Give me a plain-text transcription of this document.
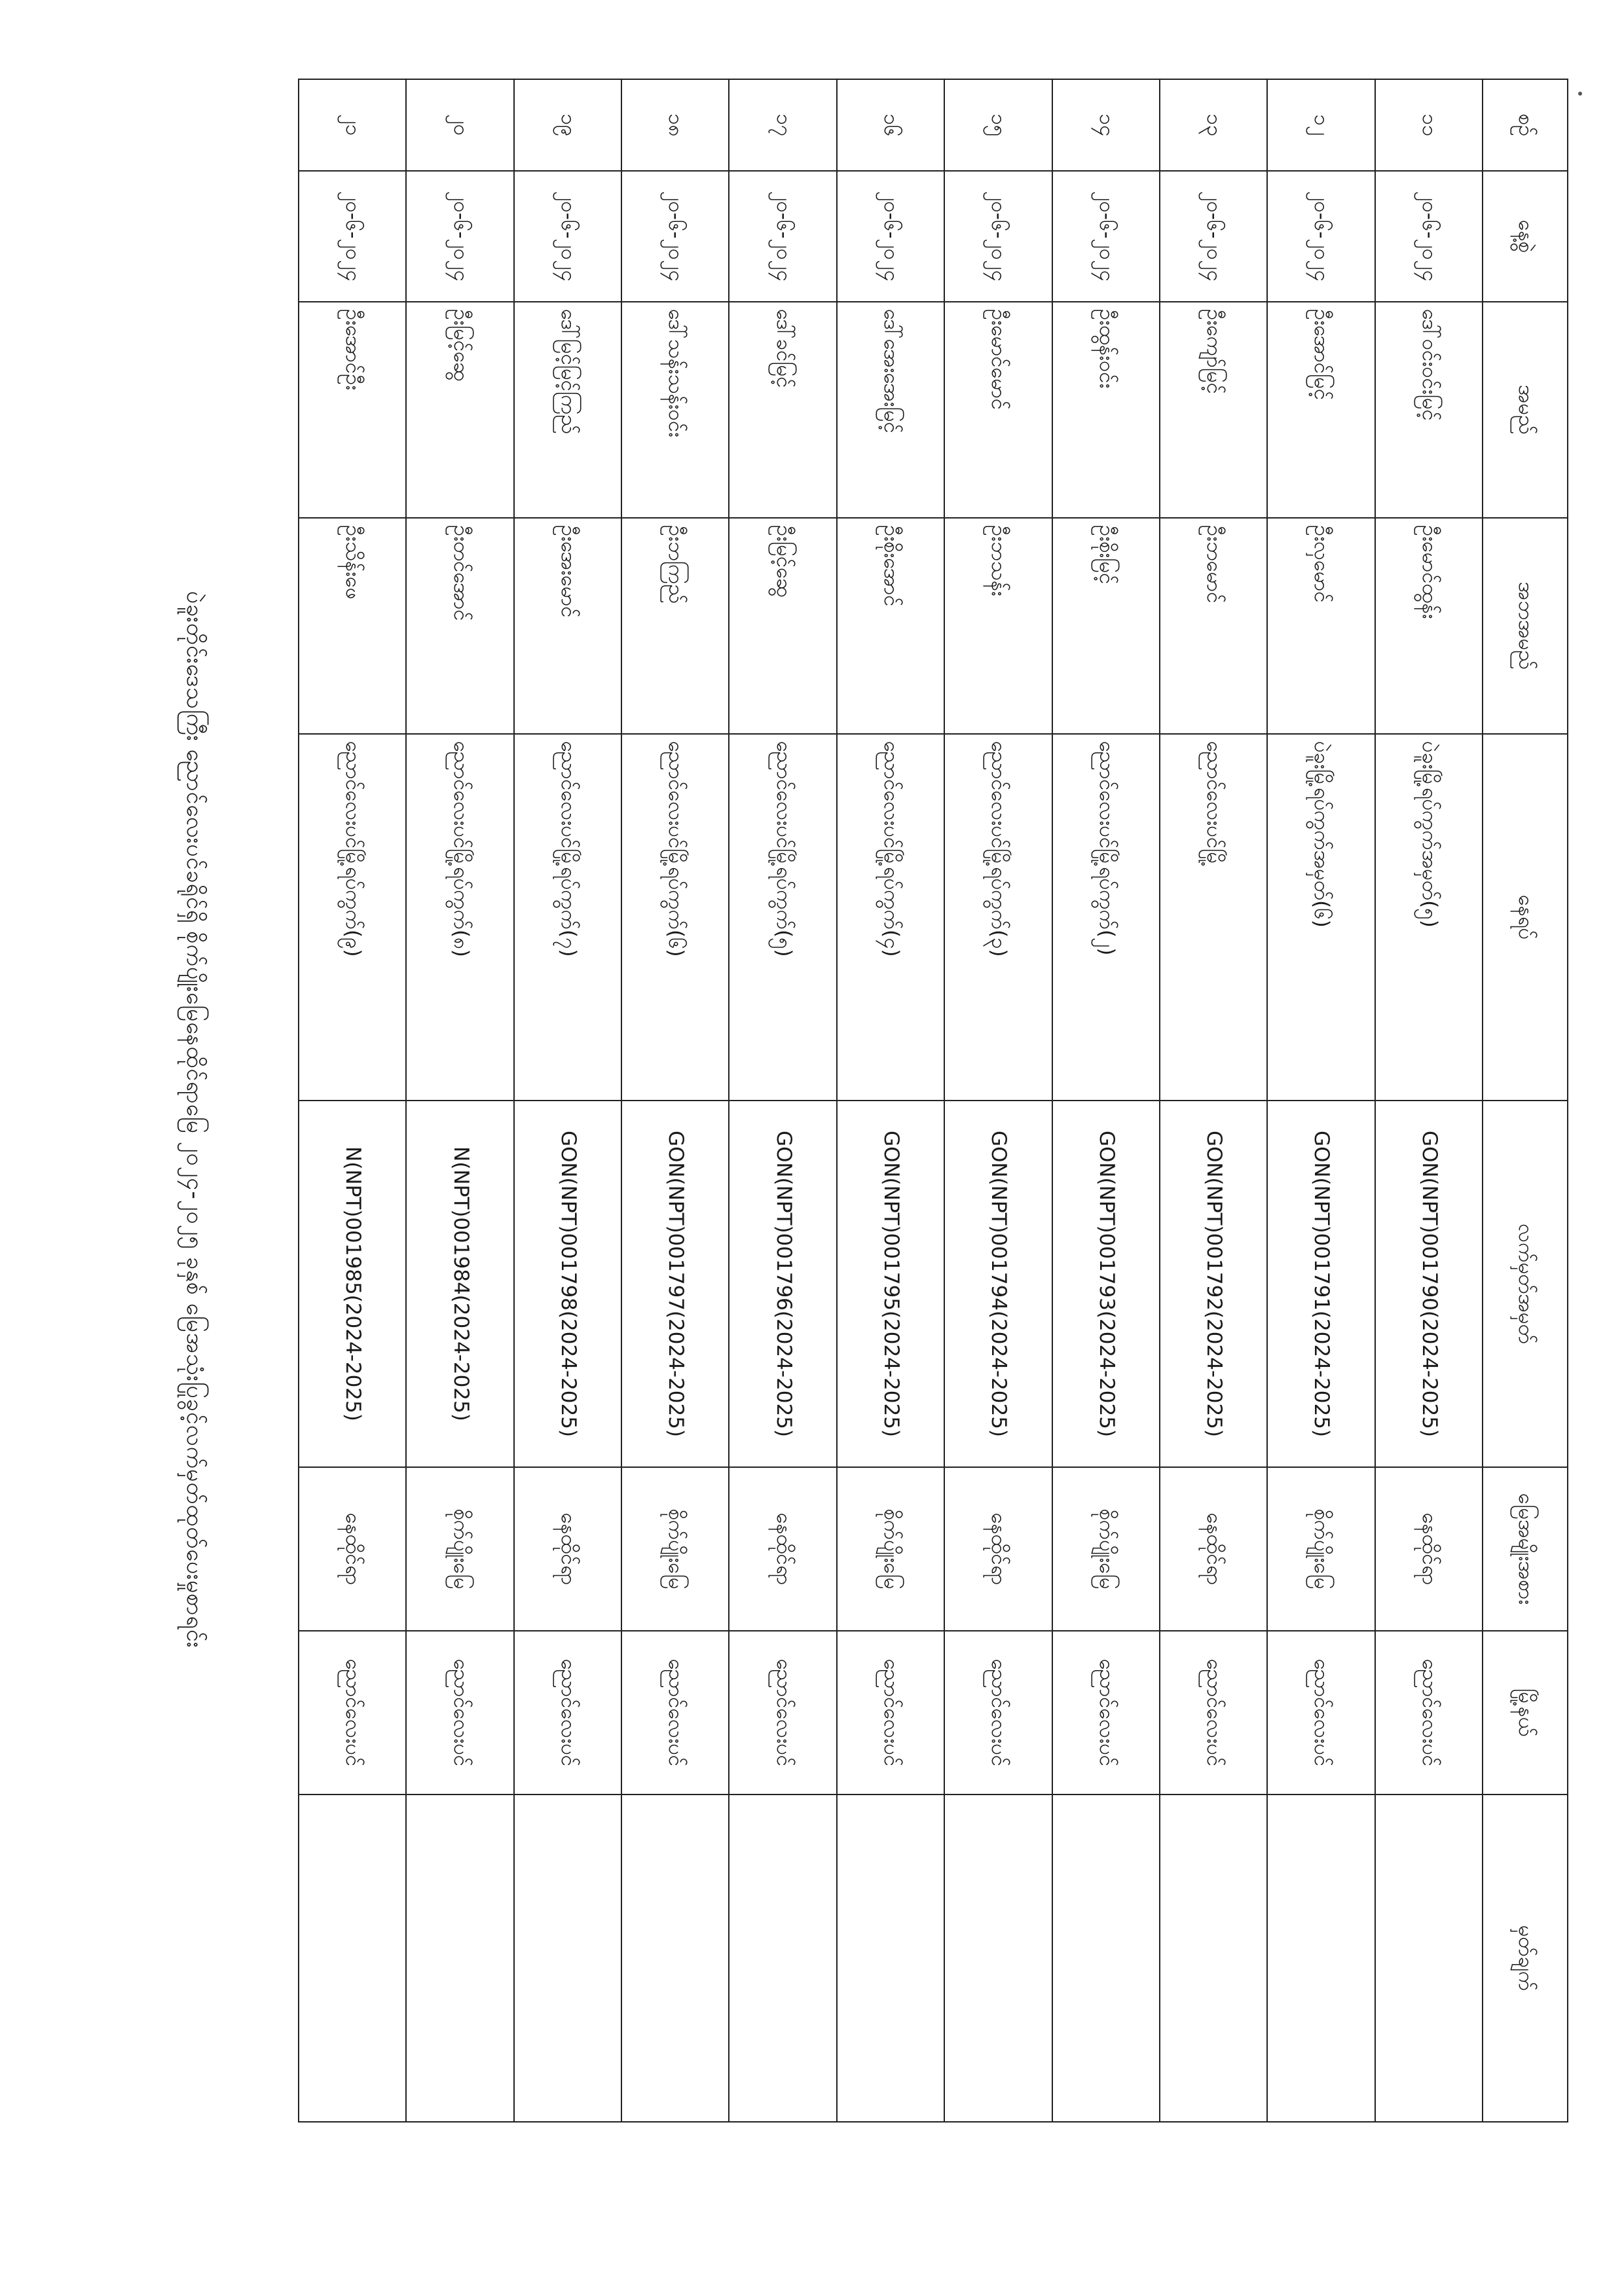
စဉ်	နေ့စွဲ	အမည်	အဘအမည်	နေရပ်	လက်မှတ်အမှတ်	မြေအမျိုးအစား	မြို့နယ်	မှတ်ချက်
၁၁	၂၀-၆-၂၀၂၄	ဒေါ်ဝင်းဝင်းမြင့်	ဦးမောင်ထွန်း	ပဲခူးမြို့ရပ်ကွက်အမှတ်(၅)	GON(NPT)001790(2024-2025)	နေထိုင်ရာ	ညောင်လေးပင်	
၁၂	၂၀-၆-၂၀၂၄	ဦးအောင်မြင့်	ဦးလှမောင်	ပဲခူးမြို့ရပ်ကွက်အမှတ်(၆)	GON(NPT)001791(2024-2025)	စိုက်ပျိုးမြေ	ညောင်လေးပင်	
၁၃	၂၀-၆-၂၀၂၄	ဦးကျော်မြင့်	ဦးဘမောင်	ညောင်လေးပင်မြို့	GON(NPT)001792(2024-2025)	နေထိုင်ရာ	ညောင်လေးပင်	
၁၄	၂၀-၆-၂၀၂၄	ဦးထွန်းဝင်း	ဦးစိုးမြင့်	ညောင်လေးပင်မြို့ရပ်ကွက်(၂)	GON(NPT)001793(2024-2025)	စိုက်ပျိုးမြေ	ညောင်လေးပင်	
၁၅	၂၀-၆-၂၀၂၄	ဦးမောင်မောင်	ဦးဘသန်း	ညောင်လေးပင်မြို့ရပ်ကွက်(၃)	GON(NPT)001794(2024-2025)	နေထိုင်ရာ	ညောင်လေးပင်	
၁၆	၂၀-၆-၂၀၂၄	ဒေါ်အေးအေးမြင့်	ဦးစိုးအောင်	ညောင်လေးပင်မြို့ရပ်ကွက်(၄)	GON(NPT)001795(2024-2025)	စိုက်ပျိုးမြေ	ညောင်လေးပင်	
၁၇	၂၀-၆-၂၀၂၄	ဒေါ်ခင်မြင့်	ဦးမြင့်ဆွေ	ညောင်လေးပင်မြို့ရပ်ကွက်(၅)	GON(NPT)001796(2024-2025)	နေထိုင်ရာ	ညောင်လေးပင်	
၁၈	၂၀-၆-၂၀၂၄	ဒေါ်သန်းသန်းဝင်း	ဦးဘကြည်	ညောင်လေးပင်မြို့ရပ်ကွက်(၆)	GON(NPT)001797(2024-2025)	စိုက်ပျိုးမြေ	ညောင်လေးပင်	
၁၉	၂၀-၆-၂၀၂၄	ဒေါ်မြင့်မြင့်ကြည်	ဦးအေးမောင်	ညောင်လေးပင်မြို့ရပ်ကွက်(၇)	GON(NPT)001798(2024-2025)	နေထိုင်ရာ	ညောင်လေးပင်	
၂၀	၂၀-၆-၂၀၂၄	ဦးမြင့်ဆွေ	ဦးတင်အောင်	ညောင်လေးပင်မြို့ရပ်ကွက်(၈)	N(NPT)001984(2024-2025)	စိုက်ပျိုးမြေ	ညောင်လေးပင်	
၂၁	၂၀-၆-၂၀၂၄	ဦးအောင်ဦး	ဦးသိန်းဖေ	ညောင်လေးပင်မြို့ရပ်ကွက်(၉)	N(NPT)001985(2024-2025)	နေထိုင်ရာ	ညောင်လေးပင်	
ပဲခူးတိုင်းဒေသကြီး ညောင်လေးပင်ခရိုင်ရှိ စိုက်ပျိုးမြေနေထိုင်ရာမြေ ၂၀၂၄-၂၀၂၅ ခုနှစ် မြေအသုံးပြုခွင့်လက်မှတ်ထုတ်ပေးမှုစာရင်း
